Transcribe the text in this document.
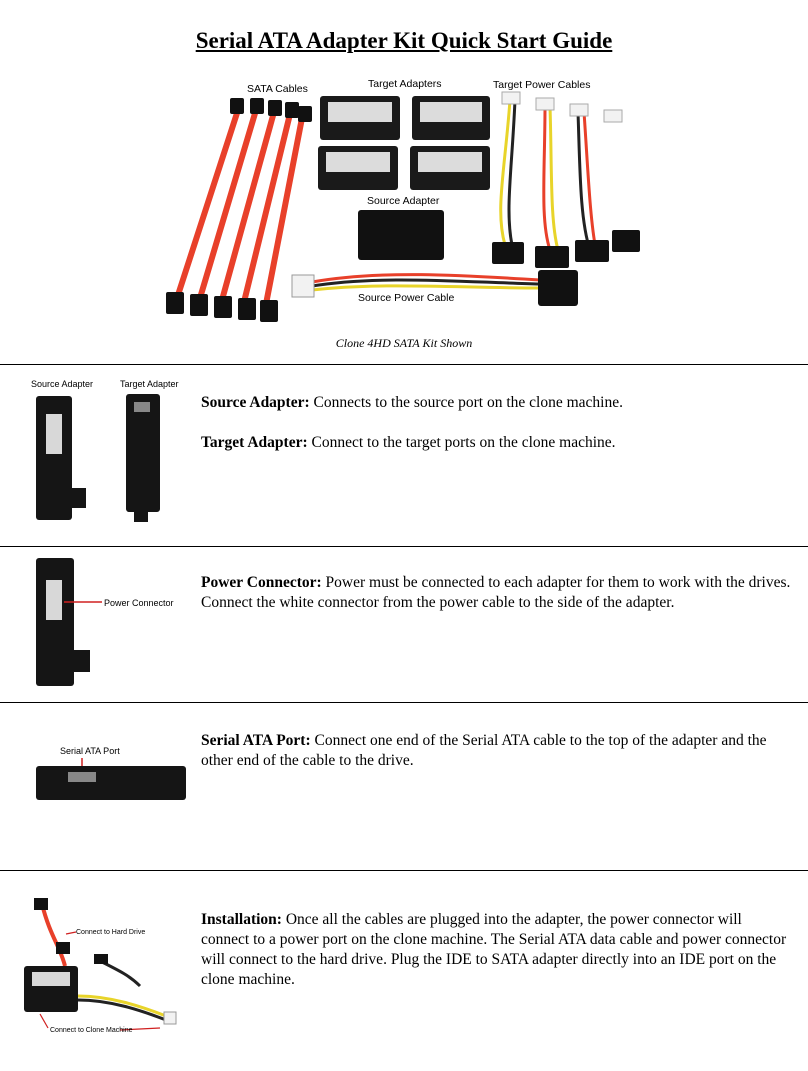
Serial ATA Adapter Kit Quick Start Guide
SATA Cables	Target Adapters	Target Power Cables
Source Adapter
Source Power Cable
Clone 4HD SATA Kit Shown
Source Adapter	Target Adapter

Source Adapter: Connects to the source port on the clone machine.

Target Adapter: Connect to the target ports on the clone machine.

Power Connector

Power Connector: Power must be connected to each adapter for them to work with the drives. Connect the white connector from the power cable to the side of the adapter.

Serial ATA Port

Serial ATA Port: Connect one end of the Serial ATA cable to the top of the adapter and the other end of the cable to the drive.

Connect to Hard Drive
Connect to Clone Machine

Installation: Once all the cables are plugged into the adapter, the power connector will connect to a power port on the clone machine. The Serial ATA data cable and power connector will connect to the hard drive. Plug the IDE to SATA adapter directly into an IDE port on the clone machine.
